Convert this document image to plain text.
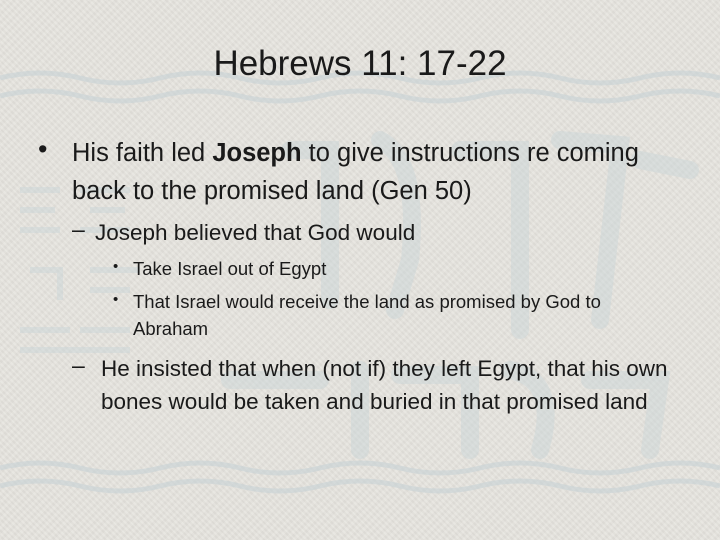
Hebrews 11: 17-22
• His faith led Joseph to give instructions re coming back to the promised land (Gen 50)
– Joseph believed that God would
• Take Israel out of Egypt
• That Israel would receive the land as promised by God to Abraham
– He insisted that when (not if) they left Egypt, that his own bones would be taken and buried in that promised land
